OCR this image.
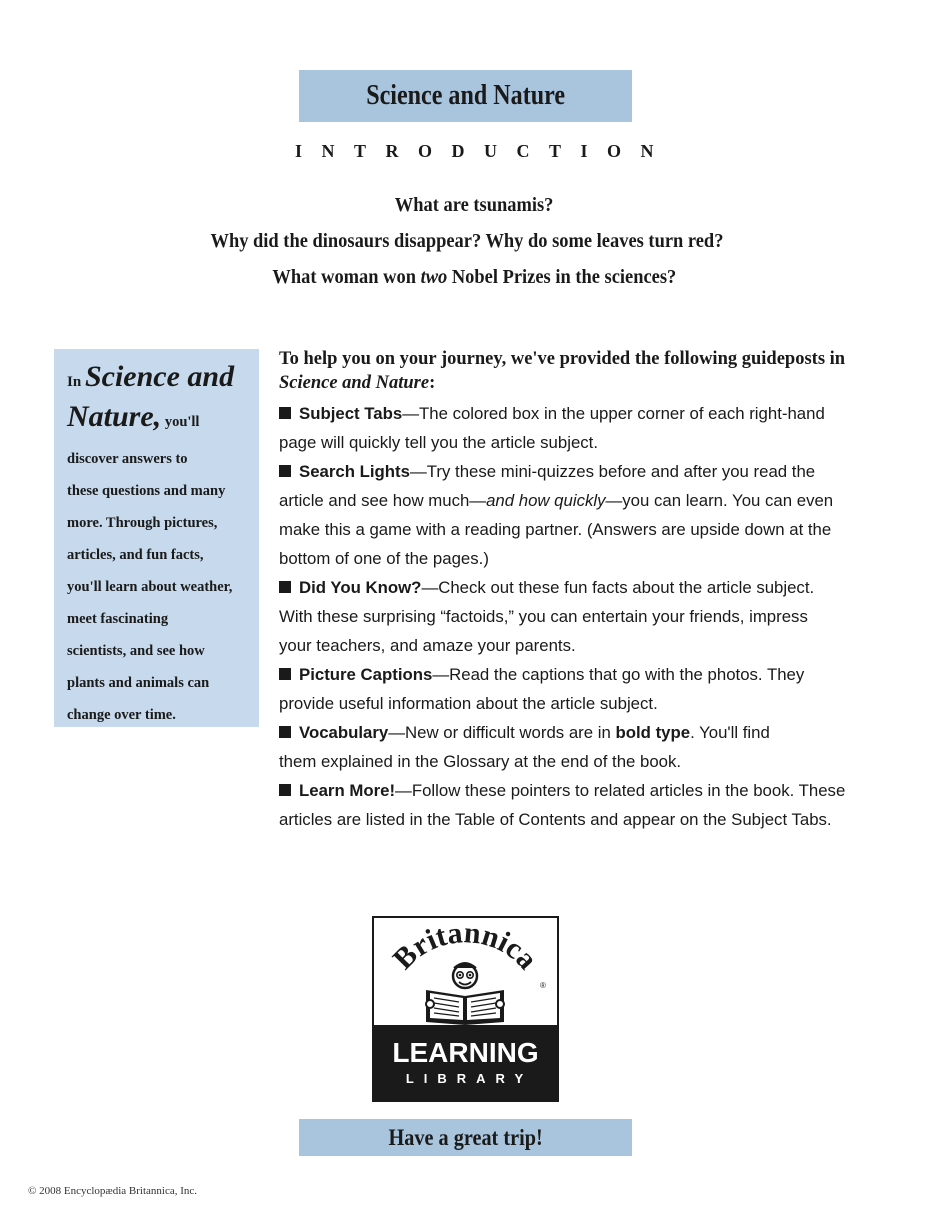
Science and Nature
INTRODUCTION
What are tsunamis?
Why did the dinosaurs disappear? Why do some leaves turn red?
What woman won two Nobel Prizes in the sciences?
In Science and
Nature, you'll
discover answers to
these questions and many
more. Through pictures,
articles, and fun facts,
you'll learn about weather,
meet fascinating
scientists, and see how
plants and animals can
change over time.

To help you on your journey, we've provided the following guideposts in
Science and Nature:

Subject Tabs—The colored box in the upper corner of each right-hand
page will quickly tell you the article subject.

Search Lights—Try these mini-quizzes before and after you read the
article and see how much—and how quickly—you can learn. You can even
make this a game with a reading partner. (Answers are upside down at the
bottom of one of the pages.)

Did You Know?—Check out these fun facts about the article subject.
With these surprising “factoids,” you can entertain your friends, impress
your teachers, and amaze your parents.

Picture Captions—Read the captions that go with the photos. They
provide useful information about the article subject.

Vocabulary—New or difficult words are in bold type. You'll find
them explained in the Glossary at the end of the book.

Learn More!—Follow these pointers to related articles in the book. These
articles are listed in the Table of Contents and appear on the Subject Tabs.

Britannica
®
LEARNING
LIBRARY
Have a great trip!
© 2008 Encyclopædia Britannica, Inc.
